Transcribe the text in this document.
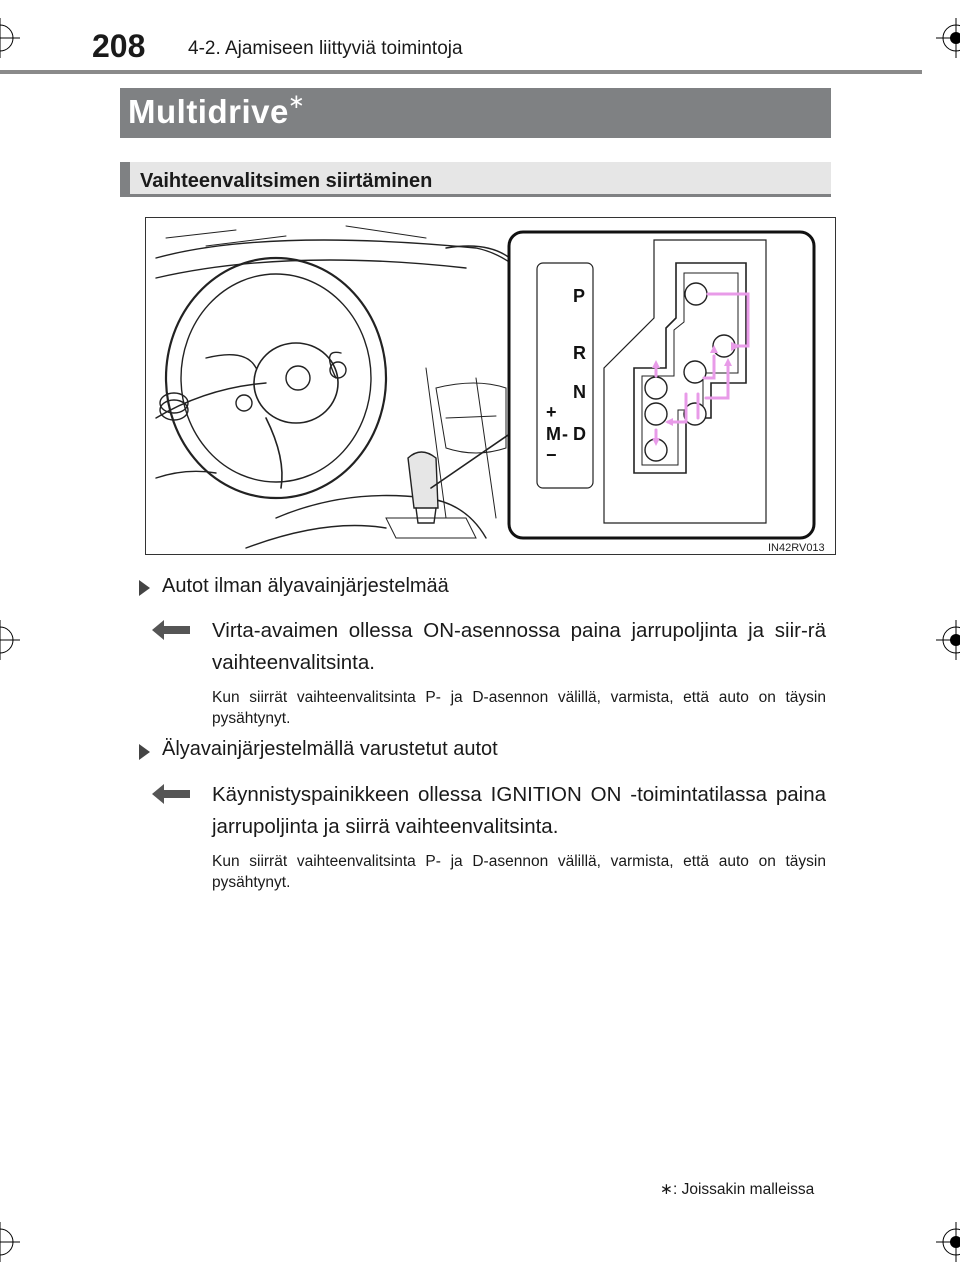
208 4-2. Ajamiseen liittyviä toimintoja
Multidrive ∗
Vaihteenvalitsimen siirtäminen
P
R
N
+
M - D
−
IN42RV013
Autot ilman älyavainjärjestelmää
Virta-avaimen ollessa ON-asennossa paina jarrupoljinta ja siir-rä vaihteenvalitsinta.
Kun siirrät vaihteenvalitsinta P- ja D-asennon välillä, varmista, että auto on täysin pysähtynyt.
Älyavainjärjestelmällä varustetut autot
Käynnistyspainikkeen ollessa IGNITION ON -toimintatilassa paina jarrupoljinta ja siirrä vaihteenvalitsinta.
Kun siirrät vaihteenvalitsinta P- ja D-asennon välillä, varmista, että auto on täysin pysähtynyt.
∗: Joissakin malleissa
